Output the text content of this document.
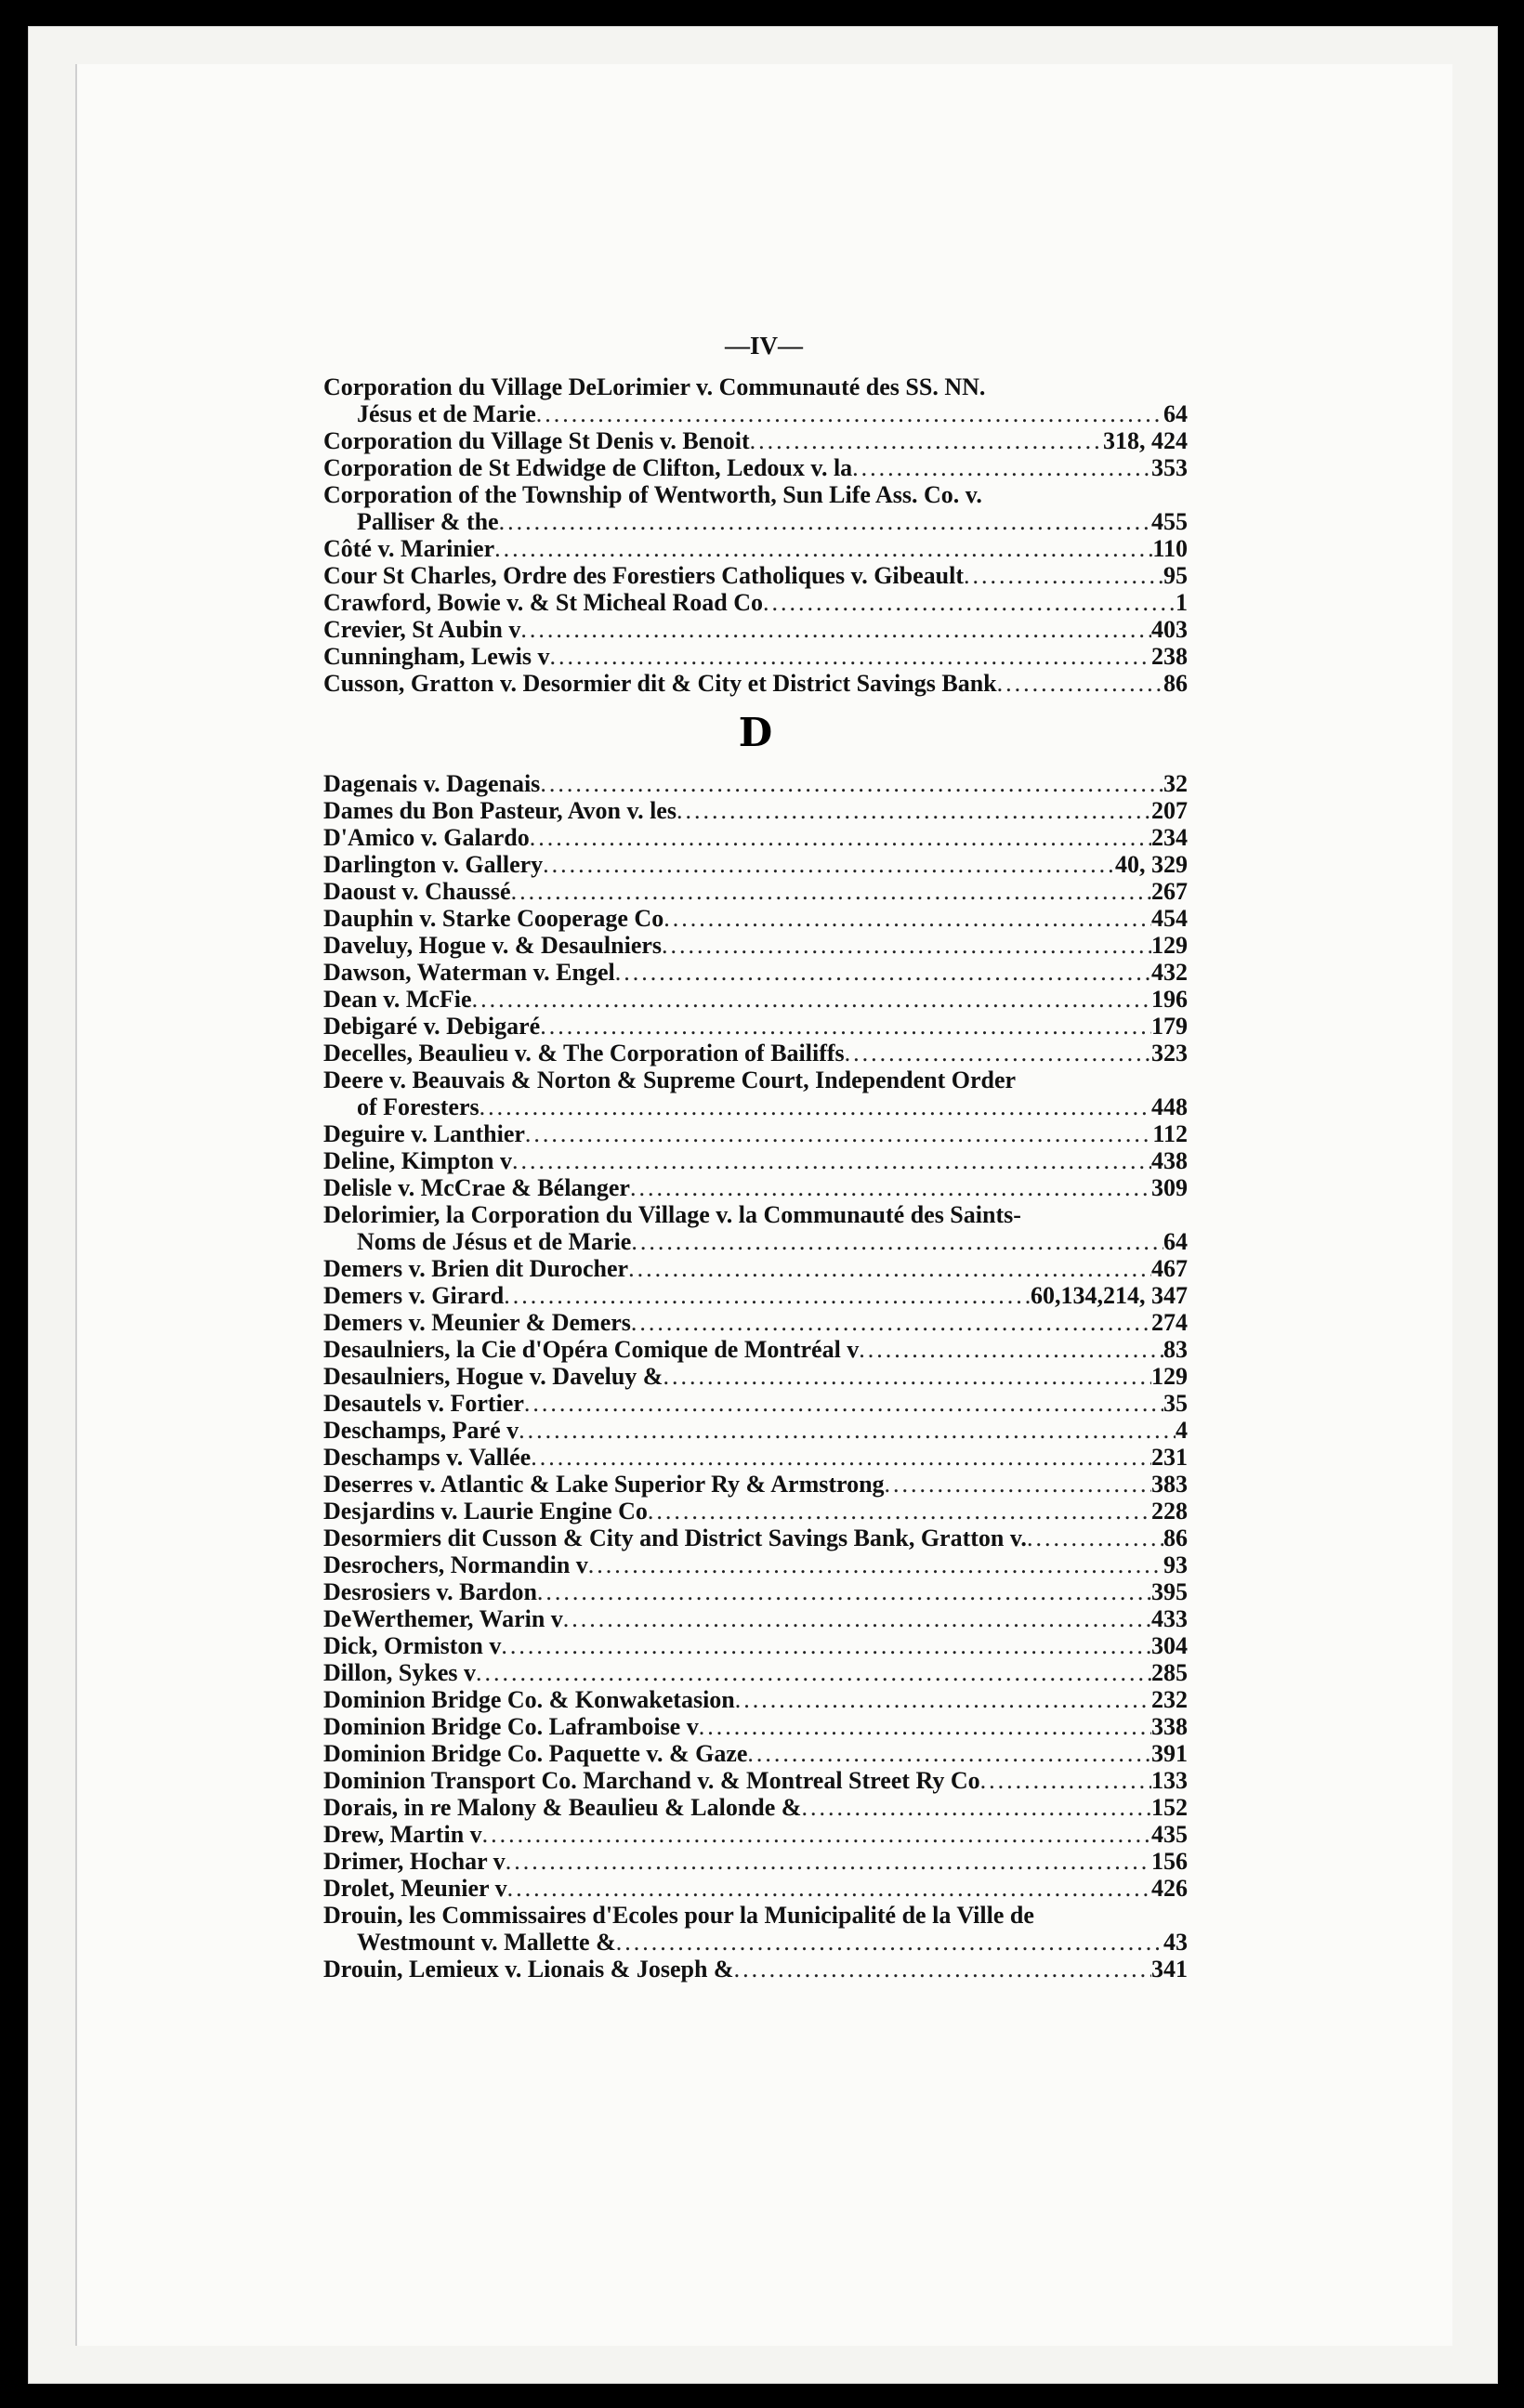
—IV—
Corporation du Village DeLorimier v. Communauté des SS. NN.
Jésus et de Marie .....	64
Corporation du Village St Denis v. Benoit .....	318, 424
Corporation de St Edwidge de Clifton, Ledoux v. la .....	353
Corporation of the Township of Wentworth, Sun Life Ass. Co. v.
Palliser & the .....	455
Côté v. Marinier .....	110
Cour St Charles, Ordre des Forestiers Catholiques v. Gibeault .....	95
Crawford, Bowie v. & St Micheal Road Co .....	1
Crevier, St Aubin v .....	403
Cunningham, Lewis v .....	238
Cusson, Gratton v. Desormier dit & City et District Savings Bank .....	86
D
Dagenais v. Dagenais .....	32
Dames du Bon Pasteur, Avon v. les .....	207
D'Amico v. Galardo .....	234
Darlington v. Gallery .....	40, 329
Daoust v. Chaussé .....	267
Dauphin v. Starke Cooperage Co .....	454
Daveluy, Hogue v. & Desaulniers .....	129
Dawson, Waterman v. Engel .....	432
Dean v. McFie .....	196
Debigaré v. Debigaré .....	179
Decelles, Beaulieu v. & The Corporation of Bailiffs .....	323
Deere v. Beauvais & Norton & Supreme Court, Independent Order
of Foresters .....	448
Deguire v. Lanthier .....	112
Deline, Kimpton v .....	438
Delisle v. McCrae & Bélanger .....	309
Delorimier, la Corporation du Village v. la Communauté des Saints-
Noms de Jésus et de Marie .....	64
Demers v. Brien dit Durocher .....	467
Demers v. Girard .....	60,134,214, 347
Demers v. Meunier & Demers .....	274
Desaulniers, la Cie d'Opéra Comique de Montréal v .....	83
Desaulniers, Hogue v. Daveluy & .....	129
Desautels v. Fortier .....	35
Deschamps, Paré v .....	4
Deschamps v. Vallée .....	231
Deserres v. Atlantic & Lake Superior Ry & Armstrong .....	383
Desjardins v. Laurie Engine Co .....	228
Desormiers dit Cusson & City and District Savings Bank, Gratton v. .....	86
Desrochers, Normandin v .....	93
Desrosiers v. Bardon .....	395
DeWerthemer, Warin v .....	433
Dick, Ormiston v .....	304
Dillon, Sykes v .....	285
Dominion Bridge Co. & Konwaketasion .....	232
Dominion Bridge Co. Laframboise v .....	338
Dominion Bridge Co. Paquette v. & Gaze .....	391
Dominion Transport Co. Marchand v. & Montreal Street Ry Co .....	133
Dorais, in re Malony & Beaulieu & Lalonde & .....	152
Drew, Martin v .....	435
Drimer, Hochar v .....	156
Drolet, Meunier v .....	426
Drouin, les Commissaires d'Ecoles pour la Municipalité de la Ville de
Westmount v. Mallette & .....	43
Drouin, Lemieux v. Lionais & Joseph & .....	341
